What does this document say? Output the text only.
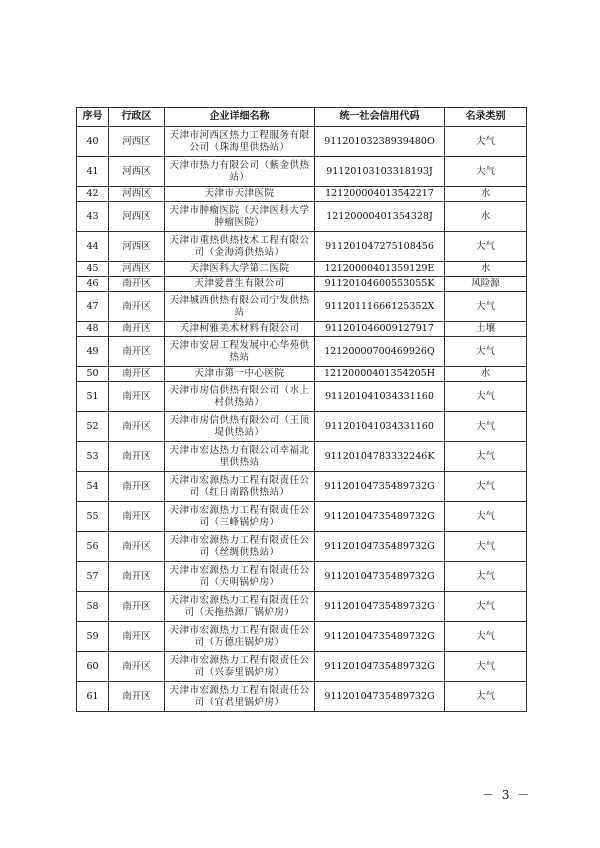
序号	行政区	企业详细名称	统一社会信用代码	名录类别
40	河西区	天津市河西区热力工程服务有限公司（珠海里供热站）	91120103238939480O	大气
41	河西区	天津市热力有限公司（紫金供热站）	91120103103318193J	大气
42	河西区	天津市天津医院	121200004013542217	水
43	河西区	天津市肿瘤医院（天津医科大学肿瘤医院）	12120000401354328J	水
44	河西区	天津市重热供热技术工程有限公司（金海湾供热站）	911201047275108456	大气
45	河西区	天津医科大学第二医院	12120000401359129E	水
46	南开区	天津爱普生有限公司	91120104600553055K	风险源
47	南开区	天津城西供热有限公司宁发供热站	91120111666125352X	大气
48	南开区	天津柯雅美术材料有限公司	911201046009127917	土壤
49	南开区	天津市安居工程发展中心华苑供热站	12120000700469926Q	大气
50	南开区	天津市第一中心医院	12120000401354205H	水
51	南开区	天津市房信供热有限公司（水上村供热站）	911201041034331160	大气
52	南开区	天津市房信供热有限公司（王顶堤供热站）	911201041034331160	大气
53	南开区	天津市宏达热力有限公司幸福北里供热站	91120104783332246K	大气
54	南开区	天津市宏源热力工程有限责任公司（红日南路供热站）	91120104735489732G	大气
55	南开区	天津市宏源热力工程有限责任公司（三峰锅炉房）	91120104735489732G	大气
56	南开区	天津市宏源热力工程有限责任公司（丝绸供热站）	91120104735489732G	大气
57	南开区	天津市宏源热力工程有限责任公司（天明锅炉房）	91120104735489732G	大气
58	南开区	天津市宏源热力工程有限责任公司（天拖热源厂锅炉房）	91120104735489732G	大气
59	南开区	天津市宏源热力工程有限责任公司（万德庄锅炉房）	91120104735489732G	大气
60	南开区	天津市宏源热力工程有限责任公司（兴泰里锅炉房）	91120104735489732G	大气
61	南开区	天津市宏源热力工程有限责任公司（宜君里锅炉房）	91120104735489732G	大气
－ 3 －
